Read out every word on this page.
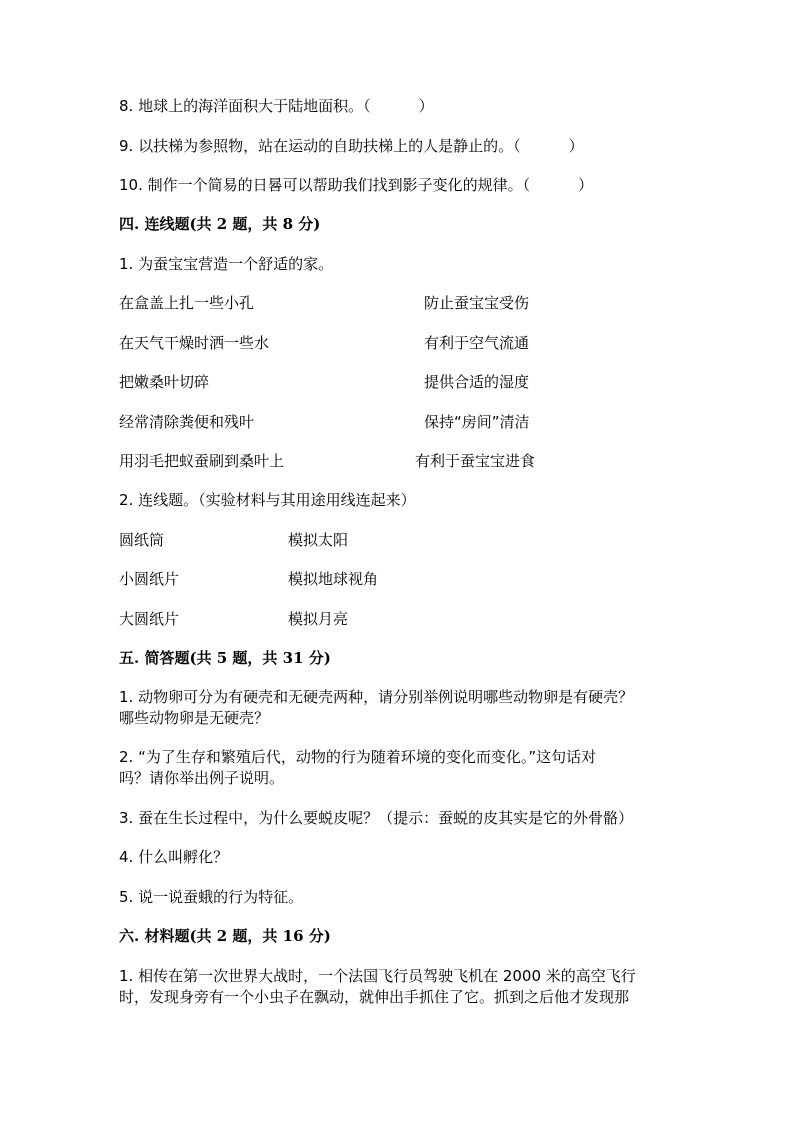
8. 地球上的海洋面积大于陆地面积。（	）
9. 以扶梯为参照物，站在运动的自助扶梯上的人是静止的。（	）
10. 制作一个简易的日晷可以帮助我们找到影子变化的规律。（	）
四. 连线题(共 2 题，共 8 分)
1. 为蚕宝宝营造一个舒适的家。
在盒盖上扎一些小孔	防止蚕宝宝受伤
在天气干燥时洒一些水	有利于空气流通
把嫩桑叶切碎	提供合适的湿度
经常清除粪便和残叶	保持“房间”清洁
用羽毛把蚁蚕刷到桑叶上	有利于蚕宝宝进食
2. 连线题。（实验材料与其用途用线连起来）
圆纸筒	模拟太阳
小圆纸片	模拟地球视角
大圆纸片	模拟月亮
五. 简答题(共 5 题，共 31 分)
1. 动物卵可分为有硬壳和无硬壳两种，请分别举例说明哪些动物卵是有硬壳？
哪些动物卵是无硬壳？
2. “为了生存和繁殖后代，动物的行为随着环境的变化而变化。”这句话对
吗？请你举出例子说明。
3. 蚕在生长过程中，为什么要蜕皮呢？（提示：蚕蜕的皮其实是它的外骨骼）
4. 什么叫孵化？
5. 说一说蚕蛾的行为特征。
六. 材料题(共 2 题，共 16 分)
1. 相传在第一次世界大战时，一个法国飞行员驾驶飞机在 2000 米的高空飞行
时，发现身旁有一个小虫子在飘动，就伸出手抓住了它。抓到之后他才发现那
